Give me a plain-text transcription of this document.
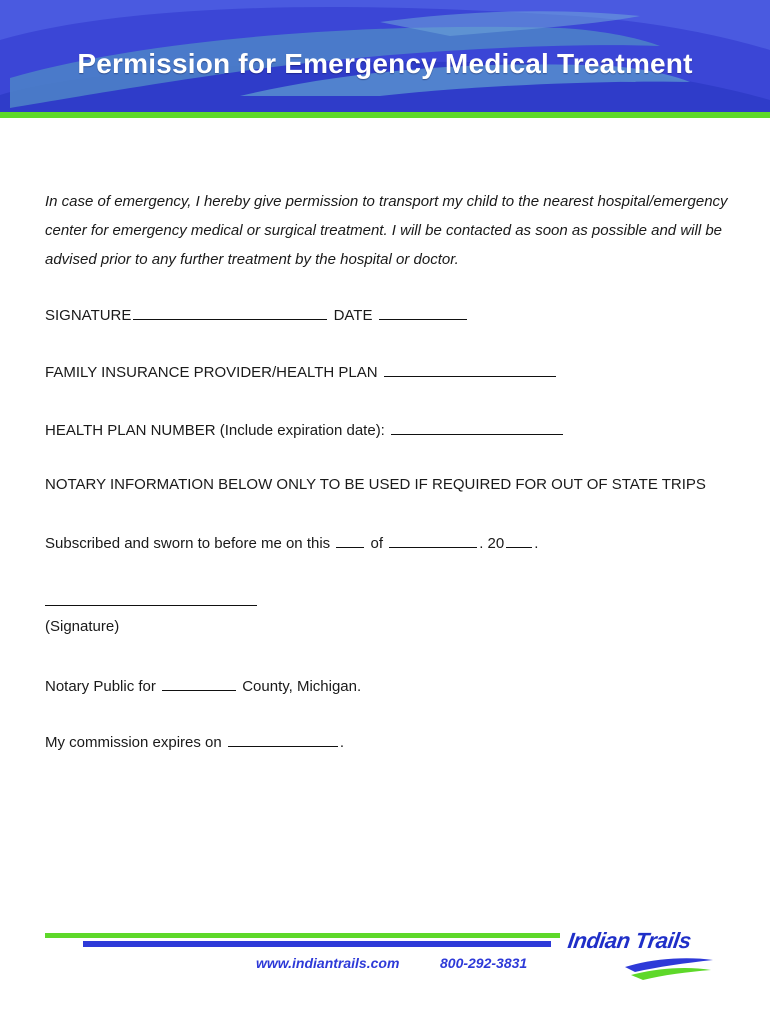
Permission for Emergency Medical Treatment
In case of emergency, I hereby give permission to transport my child to the nearest hospital/emergency center for emergency medical or surgical treatment. I will be contacted as soon as possible and will be advised prior to any further treatment by the hospital or doctor.
SIGNATURE	DATE
FAMILY INSURANCE PROVIDER/HEALTH PLAN
HEALTH PLAN NUMBER (Include expiration date):
NOTARY INFORMATION BELOW ONLY TO BE USED IF REQUIRED FOR OUT OF STATE TRIPS
Subscribed and sworn to before me on this	of	. 20 .
(Signature)
Notary Public for	County, Michigan.
My commission expires on	.
www.indiantrails.com	800-292-3831
Indian Trails
